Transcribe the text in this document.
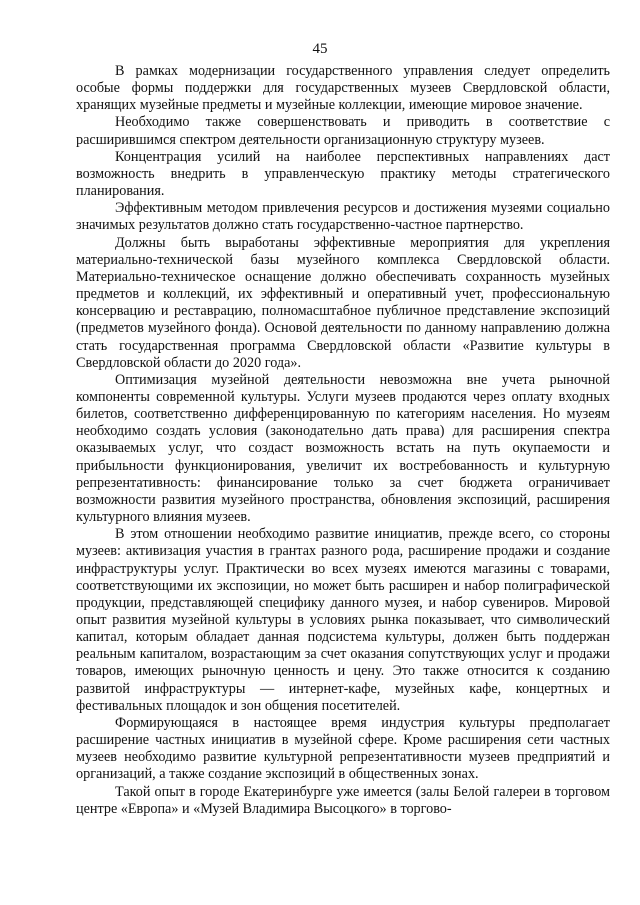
45

В рамках модернизации государственного управления следует определить особые формы поддержки для государственных музеев Свердловской области, хранящих музейные предметы и музейные коллекции, имеющие мировое значение.

Необходимо также совершенствовать и приводить в соответствие с расширившимся спектром деятельности организационную структуру музеев.

Концентрация усилий на наиболее перспективных направлениях даст возможность внедрить в управленческую практику методы стратегического планирования.

Эффективным методом привлечения ресурсов и достижения музеями социально значимых результатов должно стать государственно-частное партнерство.

Должны быть выработаны эффективные мероприятия для укрепления материально-технической базы музейного комплекса Свердловской области. Материально-техническое оснащение должно обеспечивать сохранность музейных предметов и коллекций, их эффективный и оперативный учет, профессиональную консервацию и реставрацию, полномасштабное публичное представление экспозиций (предметов музейного фонда). Основой деятельности по данному направлению должна стать государственная программа Свердловской области «Развитие культуры в Свердловской области до 2020 года».

Оптимизация музейной деятельности невозможна вне учета рыночной компоненты современной культуры. Услуги музеев продаются через оплату входных билетов, соответственно дифференцированную по категориям населения. Но музеям необходимо создать условия (законодательно дать права) для расширения спектра оказываемых услуг, что создаст возможность встать на путь окупаемости и прибыльности функционирования, увеличит их востребованность и культурную репрезентативность: финансирование только за счет бюджета ограничивает возможности развития музейного пространства, обновления экспозиций, расширения культурного влияния музеев.

В этом отношении необходимо развитие инициатив, прежде всего, со стороны музеев: активизация участия в грантах разного рода, расширение продажи и создание инфраструктуры услуг. Практически во всех музеях имеются магазины с товарами, соответствующими их экспозиции, но может быть расширен и набор полиграфической продукции, представляющей специфику данного музея, и набор сувениров. Мировой опыт развития музейной культуры в условиях рынка показывает, что символический капитал, которым обладает данная подсистема культуры, должен быть поддержан реальным капиталом, возрастающим за счет оказания сопутствующих услуг и продажи товаров, имеющих рыночную ценность и цену. Это также относится к созданию развитой инфраструктуры — интернет-кафе, музейных кафе, концертных и фестивальных площадок и зон общения посетителей.

Формирующаяся в настоящее время индустрия культуры предполагает расширение частных инициатив в музейной сфере. Кроме расширения сети частных музеев необходимо развитие культурной репрезентативности музеев предприятий и организаций, а также создание экспозиций в общественных зонах.

Такой опыт в городе Екатеринбурге уже имеется (залы Белой галереи в торговом центре «Европа» и «Музей Владимира Высоцкого» в торгово-
